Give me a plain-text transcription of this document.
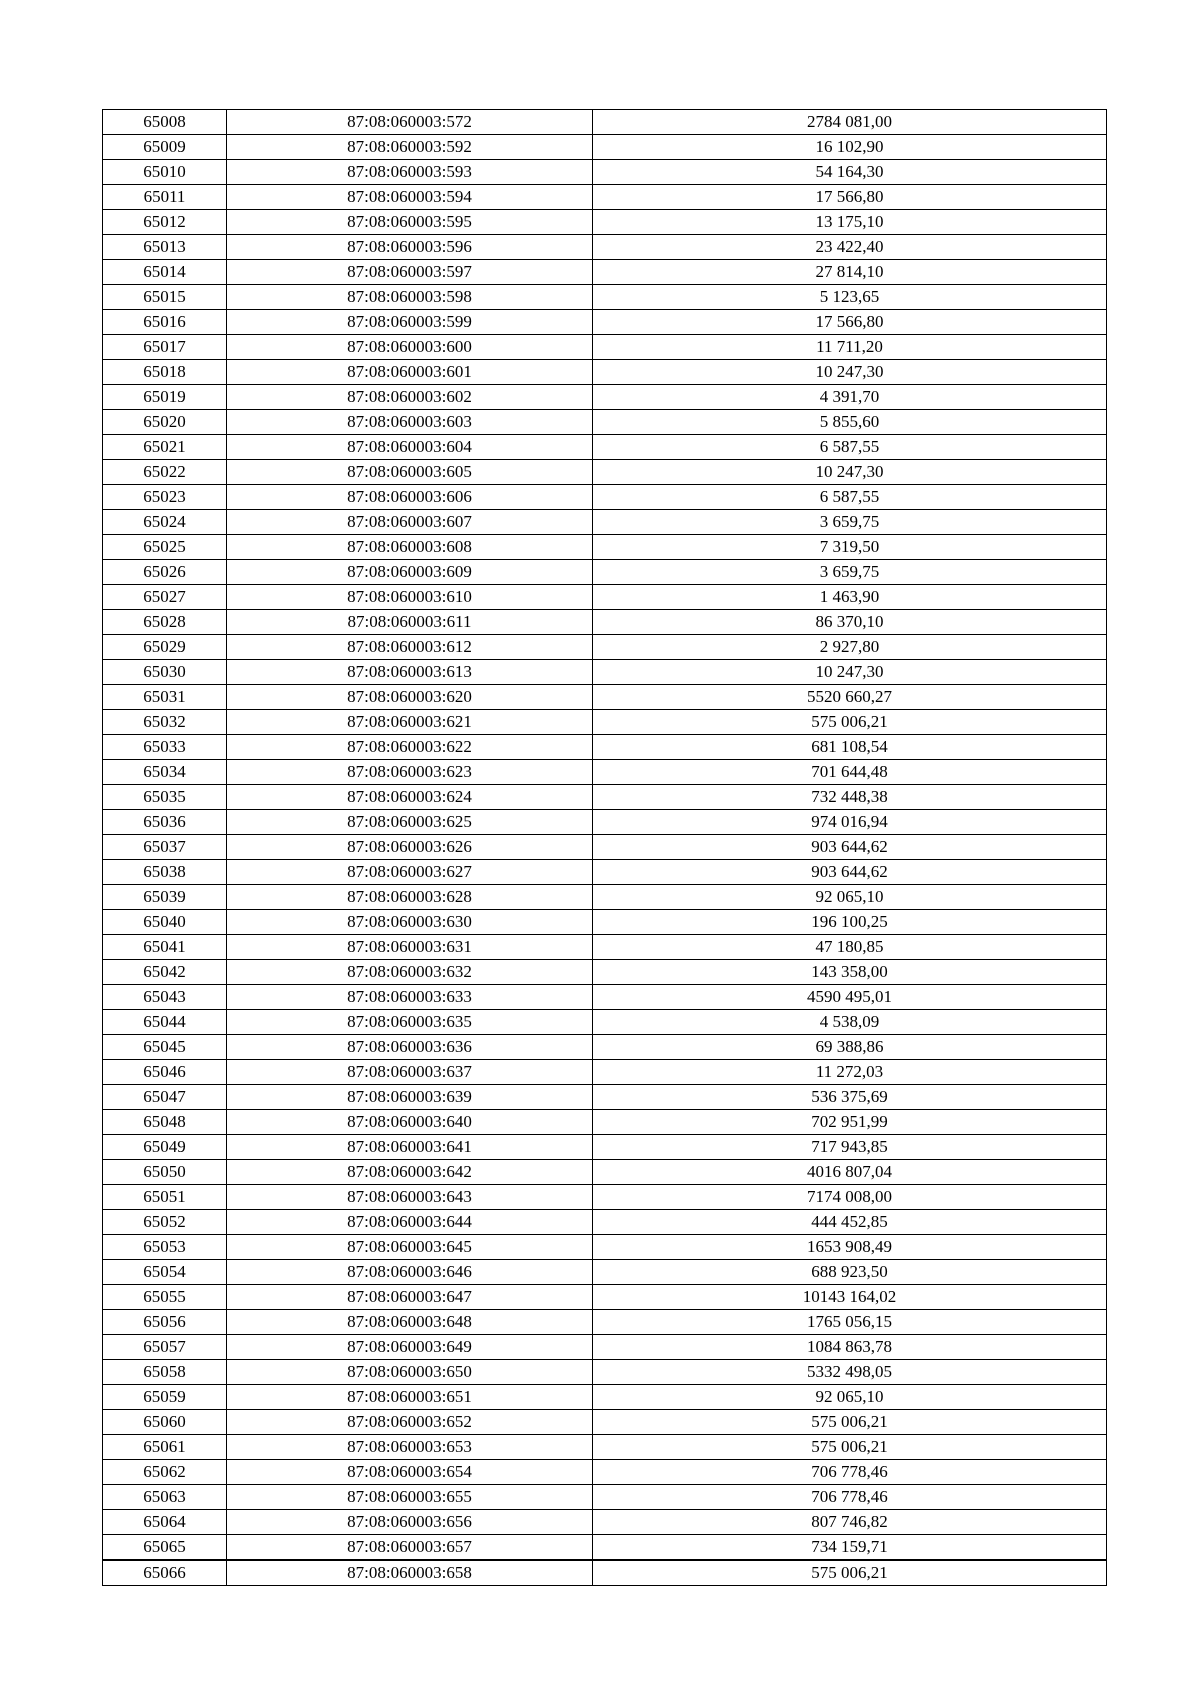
65008	87:08:060003:572	2784 081,00
65009	87:08:060003:592	16 102,90
65010	87:08:060003:593	54 164,30
65011	87:08:060003:594	17 566,80
65012	87:08:060003:595	13 175,10
65013	87:08:060003:596	23 422,40
65014	87:08:060003:597	27 814,10
65015	87:08:060003:598	5 123,65
65016	87:08:060003:599	17 566,80
65017	87:08:060003:600	11 711,20
65018	87:08:060003:601	10 247,30
65019	87:08:060003:602	4 391,70
65020	87:08:060003:603	5 855,60
65021	87:08:060003:604	6 587,55
65022	87:08:060003:605	10 247,30
65023	87:08:060003:606	6 587,55
65024	87:08:060003:607	3 659,75
65025	87:08:060003:608	7 319,50
65026	87:08:060003:609	3 659,75
65027	87:08:060003:610	1 463,90
65028	87:08:060003:611	86 370,10
65029	87:08:060003:612	2 927,80
65030	87:08:060003:613	10 247,30
65031	87:08:060003:620	5520 660,27
65032	87:08:060003:621	575 006,21
65033	87:08:060003:622	681 108,54
65034	87:08:060003:623	701 644,48
65035	87:08:060003:624	732 448,38
65036	87:08:060003:625	974 016,94
65037	87:08:060003:626	903 644,62
65038	87:08:060003:627	903 644,62
65039	87:08:060003:628	92 065,10
65040	87:08:060003:630	196 100,25
65041	87:08:060003:631	47 180,85
65042	87:08:060003:632	143 358,00
65043	87:08:060003:633	4590 495,01
65044	87:08:060003:635	4 538,09
65045	87:08:060003:636	69 388,86
65046	87:08:060003:637	11 272,03
65047	87:08:060003:639	536 375,69
65048	87:08:060003:640	702 951,99
65049	87:08:060003:641	717 943,85
65050	87:08:060003:642	4016 807,04
65051	87:08:060003:643	7174 008,00
65052	87:08:060003:644	444 452,85
65053	87:08:060003:645	1653 908,49
65054	87:08:060003:646	688 923,50
65055	87:08:060003:647	10143 164,02
65056	87:08:060003:648	1765 056,15
65057	87:08:060003:649	1084 863,78
65058	87:08:060003:650	5332 498,05
65059	87:08:060003:651	92 065,10
65060	87:08:060003:652	575 006,21
65061	87:08:060003:653	575 006,21
65062	87:08:060003:654	706 778,46
65063	87:08:060003:655	706 778,46
65064	87:08:060003:656	807 746,82
65065	87:08:060003:657	734 159,71
65066	87:08:060003:658	575 006,21
